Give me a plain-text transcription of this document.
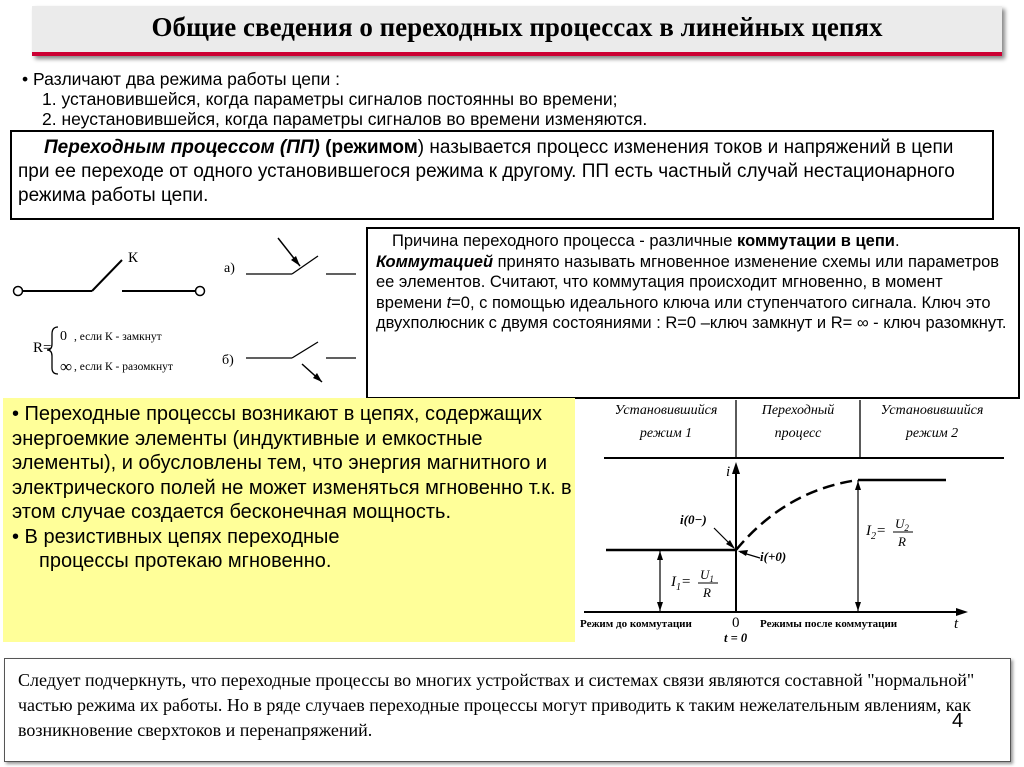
Общие сведения о переходных процессах в линейных цепях
• Различают два режима работы цепи :
1. установившейся, когда параметры сигналов постоянны во времени;
2. неустановившейся, когда параметры сигналов во времени изменяются.
Переходным процессом (ПП) (режимом) называется процесс изменения токов и напряжений в цепи при ее переходе от одного установившегося режима к другому. ПП есть частный случай нестационарного режима работы цепи.
К
R=
0
∞
, если К - замкнут
, если К - разомкнут
а)
б)
Причина переходного процесса - различные коммутации в цепи. Коммутацией принято называть мгновенное изменение схемы или параметров ее элементов. Считают, что коммутация происходит мгновенно, в момент времени t=0, с помощью идеального ключа или ступенчатого сигнала. Ключ это двухполюсник с двумя состояниями : R=0 –ключ замкнут и R= ∞ - ключ разомкнут.
• Переходные процессы возникают в цепях, содержащих энергоемкие элементы (индуктивные и емкостные элементы), и обусловлены тем, что энергия магнитного и электрического полей не может изменяться мгновенно т.к. в этом случае создается бесконечная мощность.
• В резистивных цепях переходные
процессы протекаю мгновенно.
Установившийся
режим 1
Переходный
процесс
Установившийся
режим 2
i
t
$I_1= U_1$
R
$I_2= U_2$
R
i(0−)
i(+0)
0
t = 0
Режим до коммутации	Режимы после коммутации
Следует подчеркнуть, что переходные процессы во многих устройствах и системах связи являются составной "нормальной" частью режима их работы. Но в ряде случаев переходные процессы могут приводить к таким нежелательным явлениям, как возникновение сверхтоков и перенапряжений.	4
